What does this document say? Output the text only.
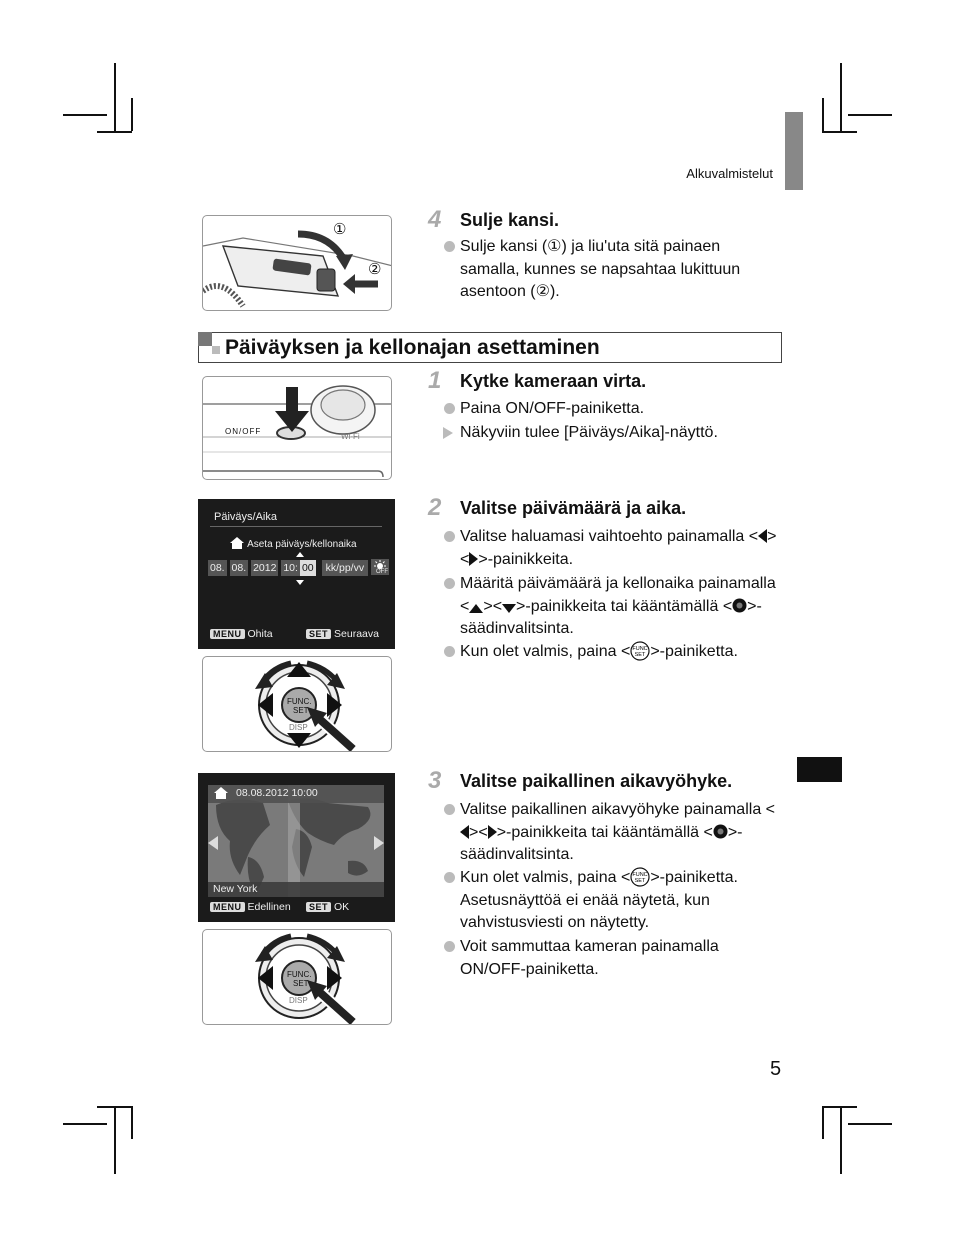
Alkuvalmistelut
5
①
②
4 Sulje kansi.
Sulje kansi (①) ja liu'uta sitä painaen samalla, kunnes se napsahtaa lukittuun asentoon (②).
Päiväyksen ja kellonajan asettaminen
ON/OFF
Wi-Fi
1 Kytke kameraan virta.
Paina ON/OFF-painiketta.
Näkyviin tulee [Päiväys/Aika]-näyttö.
Päiväys/Aika
Aseta päiväys/kellonaika
08. 08. 2012 10: 00 kk/pp/vv OFF
MENU Ohita	SET Seuraava
FUNC.
SET
DISP
2 Valitse päivämäärä ja aika.
Valitse haluamasi vaihtoehto painamalla < >< >-painikkeita.
Määritä päivämäärä ja kellonaika painamalla < >< >-painikkeita tai kääntämällä < >-säädinvalitsinta.
Kun olet valmis, paina < FUNC
SET >-painiketta.
08.08.2012 10:00
New York
MENU Edellinen	SET OK
FUNC.
SET
DISP
3 Valitse paikallinen aikavyöhyke.
Valitse paikallinen aikavyöhyke painamalla <>< >-painikkeita tai kääntämällä < >-säädinvalitsinta.
Kun olet valmis, paina < FUNC
SET >-painiketta. Asetusnäyttöä ei enää näytetä, kun vahvistusviesti on näytetty.
Voit sammuttaa kameran painamalla ON/OFF-painiketta.
